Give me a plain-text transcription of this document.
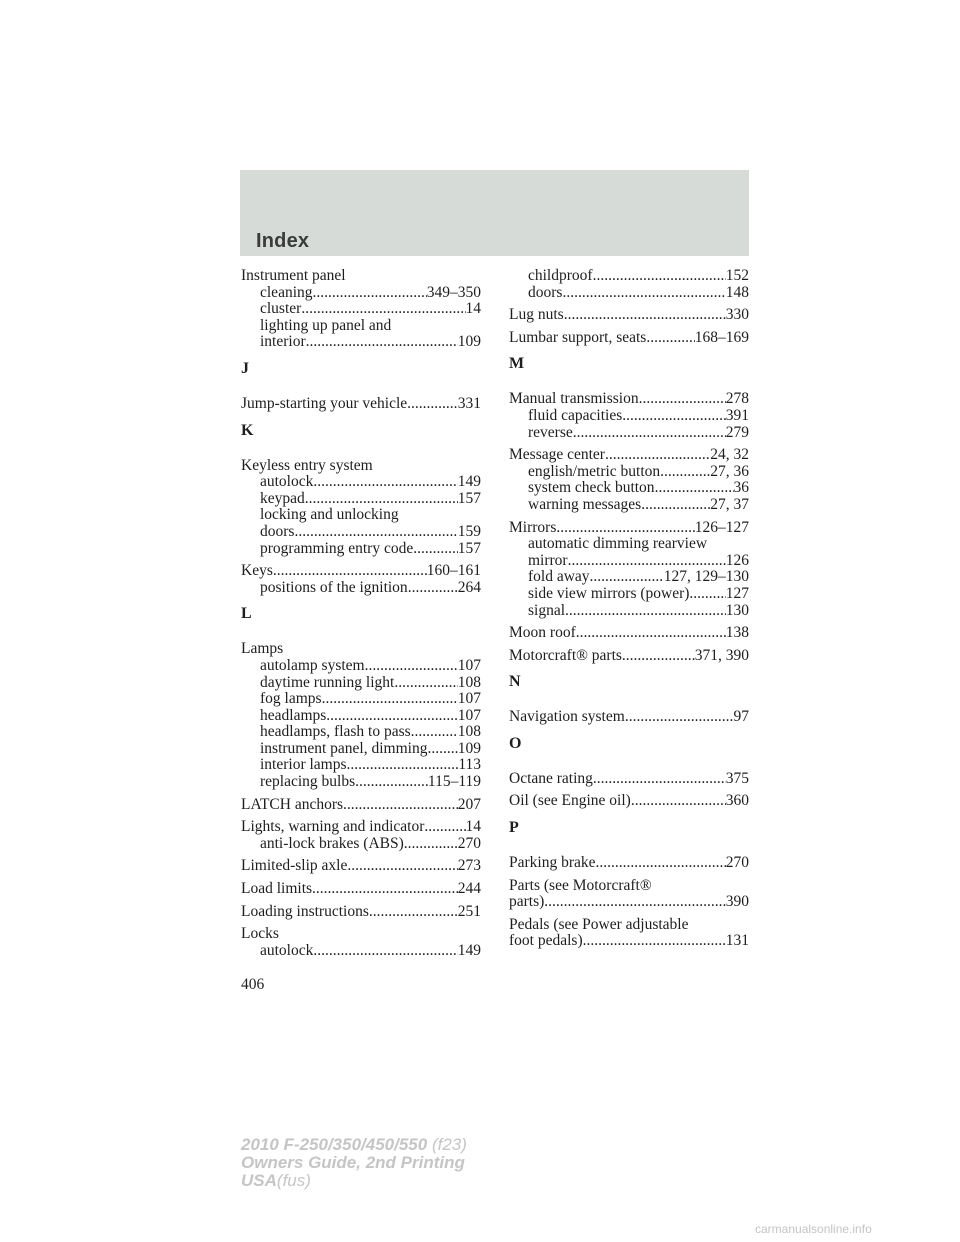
Index
Instrument panel
cleaning .....	349–350
cluster .....	14
lighting up panel and
interior .....	109
J
Jump-starting your vehicle .....	331
K
Keyless entry system
autolock .....	149
keypad .....	157
locking and unlocking
doors .....	159
programming entry code .....	157
Keys .....	160–161
positions of the ignition .....	264
L
Lamps
autolamp system .....	107
daytime running light .....	108
fog lamps .....	107
headlamps .....	107
headlamps, flash to pass .....	108
instrument panel, dimming ..... 109
interior lamps .....	113
replacing bulbs .....	115–119
LATCH anchors .....	207
Lights, warning and indicator .....	14
anti-lock brakes (ABS) .....	270
Limited-slip axle .....	273
Load limits .....	244
Loading instructions .....	251
Locks
autolock .....	149
childproof .....	152
doors .....	148
Lug nuts .....	330
Lumbar support, seats .....	168–169
M
Manual transmission .....	278
fluid capacities .....	391
reverse .....	279
Message center .....	24, 32
english/metric button .....	27, 36
system check button .....	36
warning messages .....	27, 37
Mirrors .....	126–127
automatic dimming rearview
mirror .....	126
fold away .....	127, 129–130
side view mirrors (power) ..... 127
signal .....	130
Moon roof .....	138
Motorcraft® parts .....	371, 390
N
Navigation system .....	97
O
Octane rating .....	375
Oil (see Engine oil) .....	360
P
Parking brake .....	270
Parts (see Motorcraft®
parts) .....	390
Pedals (see Power adjustable
foot pedals) .....	131
406
2010 F-250/350/450/550 (f23)
Owners Guide, 2nd Printing
USA(fus)
carmanualsonline.info
